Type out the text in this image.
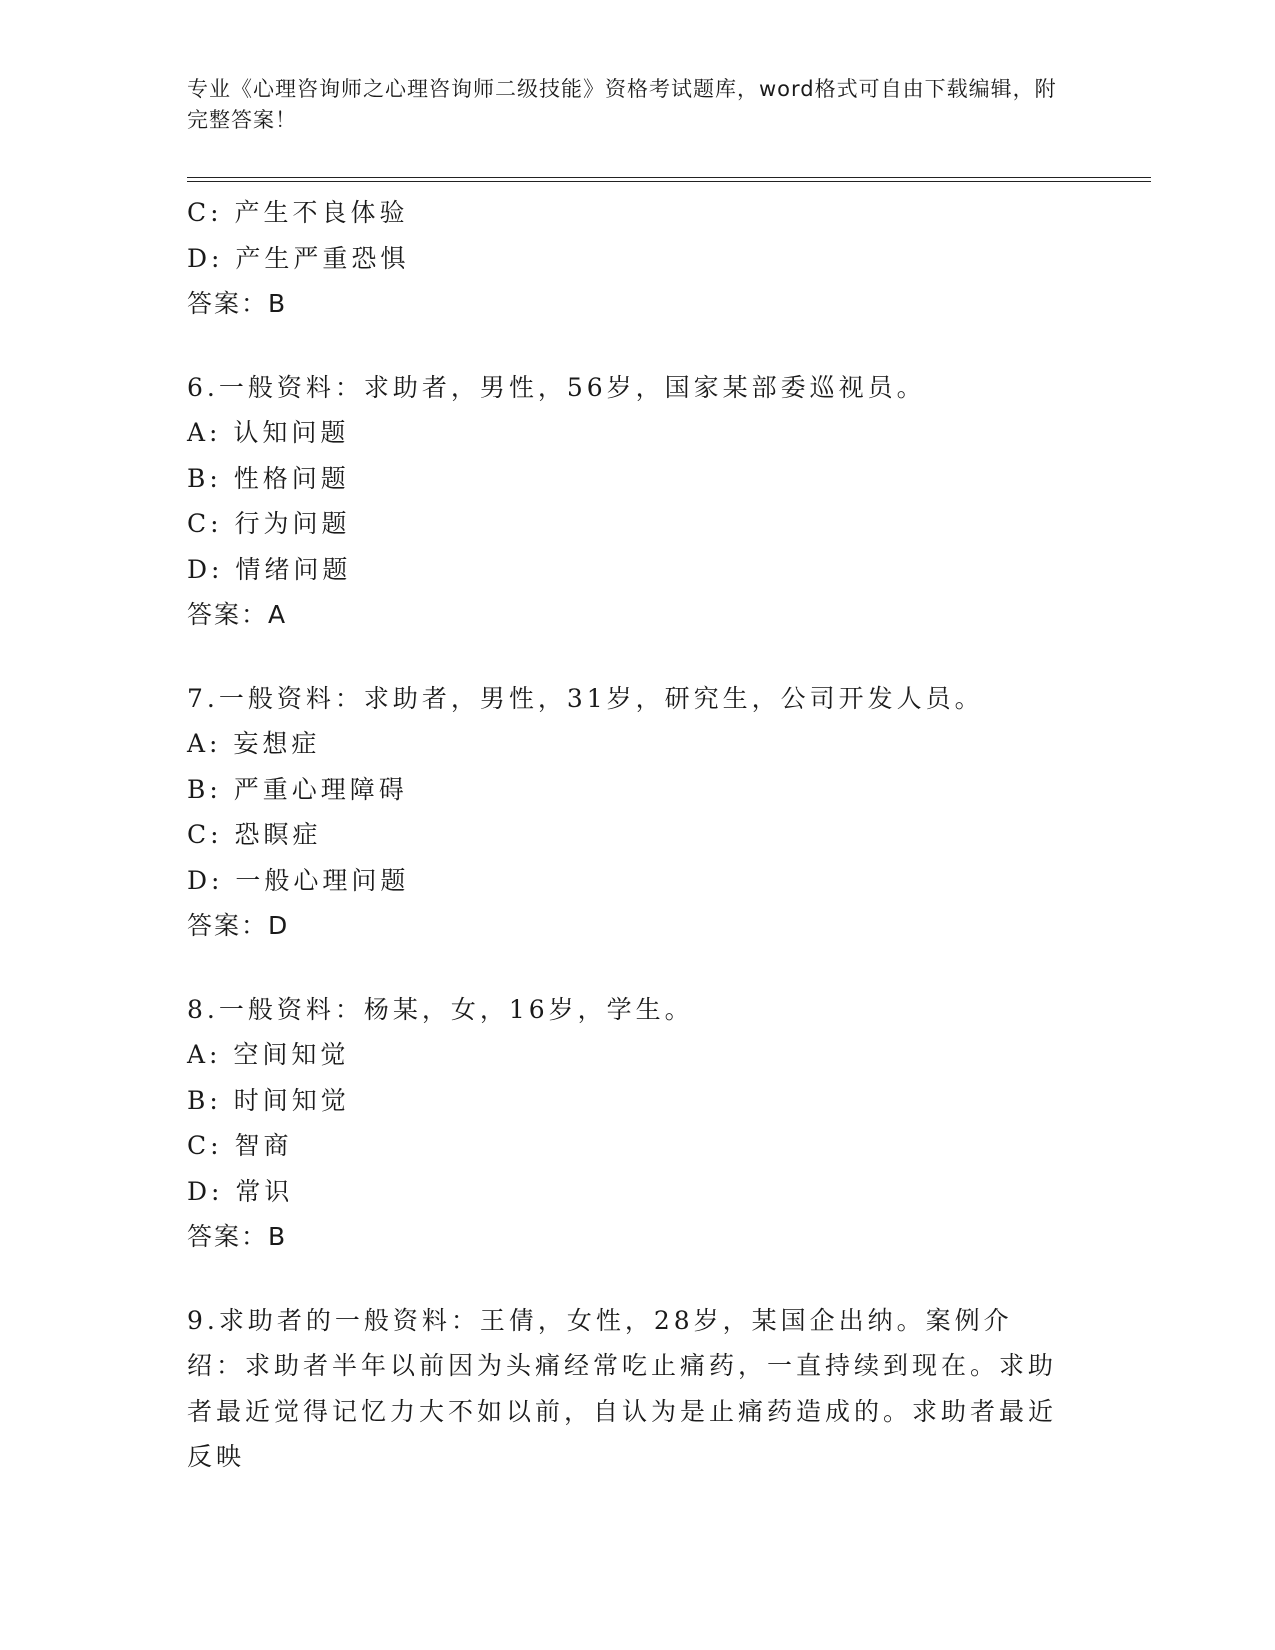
专业《心理咨询师之心理咨询师二级技能》资格考试题库，word格式可自由下载编辑，附完整答案！
C: 产生不良体验
D: 产生严重恐惧
答案：B
6.一般资料：求助者，男性，56岁，国家某部委巡视员。
A: 认知问题
B: 性格问题
C: 行为问题
D: 情绪问题
答案：A
7.一般资料：求助者，男性，31岁，研究生，公司开发人员。
A: 妄想症
B: 严重心理障碍
C: 恐瞑症
D: 一般心理问题
答案：D
8.一般资料：杨某，女，16岁，学生。
A: 空间知觉
B: 时间知觉
C: 智商
D: 常识
答案：B
9.求助者的一般资料：王倩，女性，28岁，某国企出纳。案例介绍：求助者半年以前因为头痛经常吃止痛药，一直持续到现在。求助者最近觉得记忆力大不如以前，自认为是止痛药造成的。求助者最近反映
